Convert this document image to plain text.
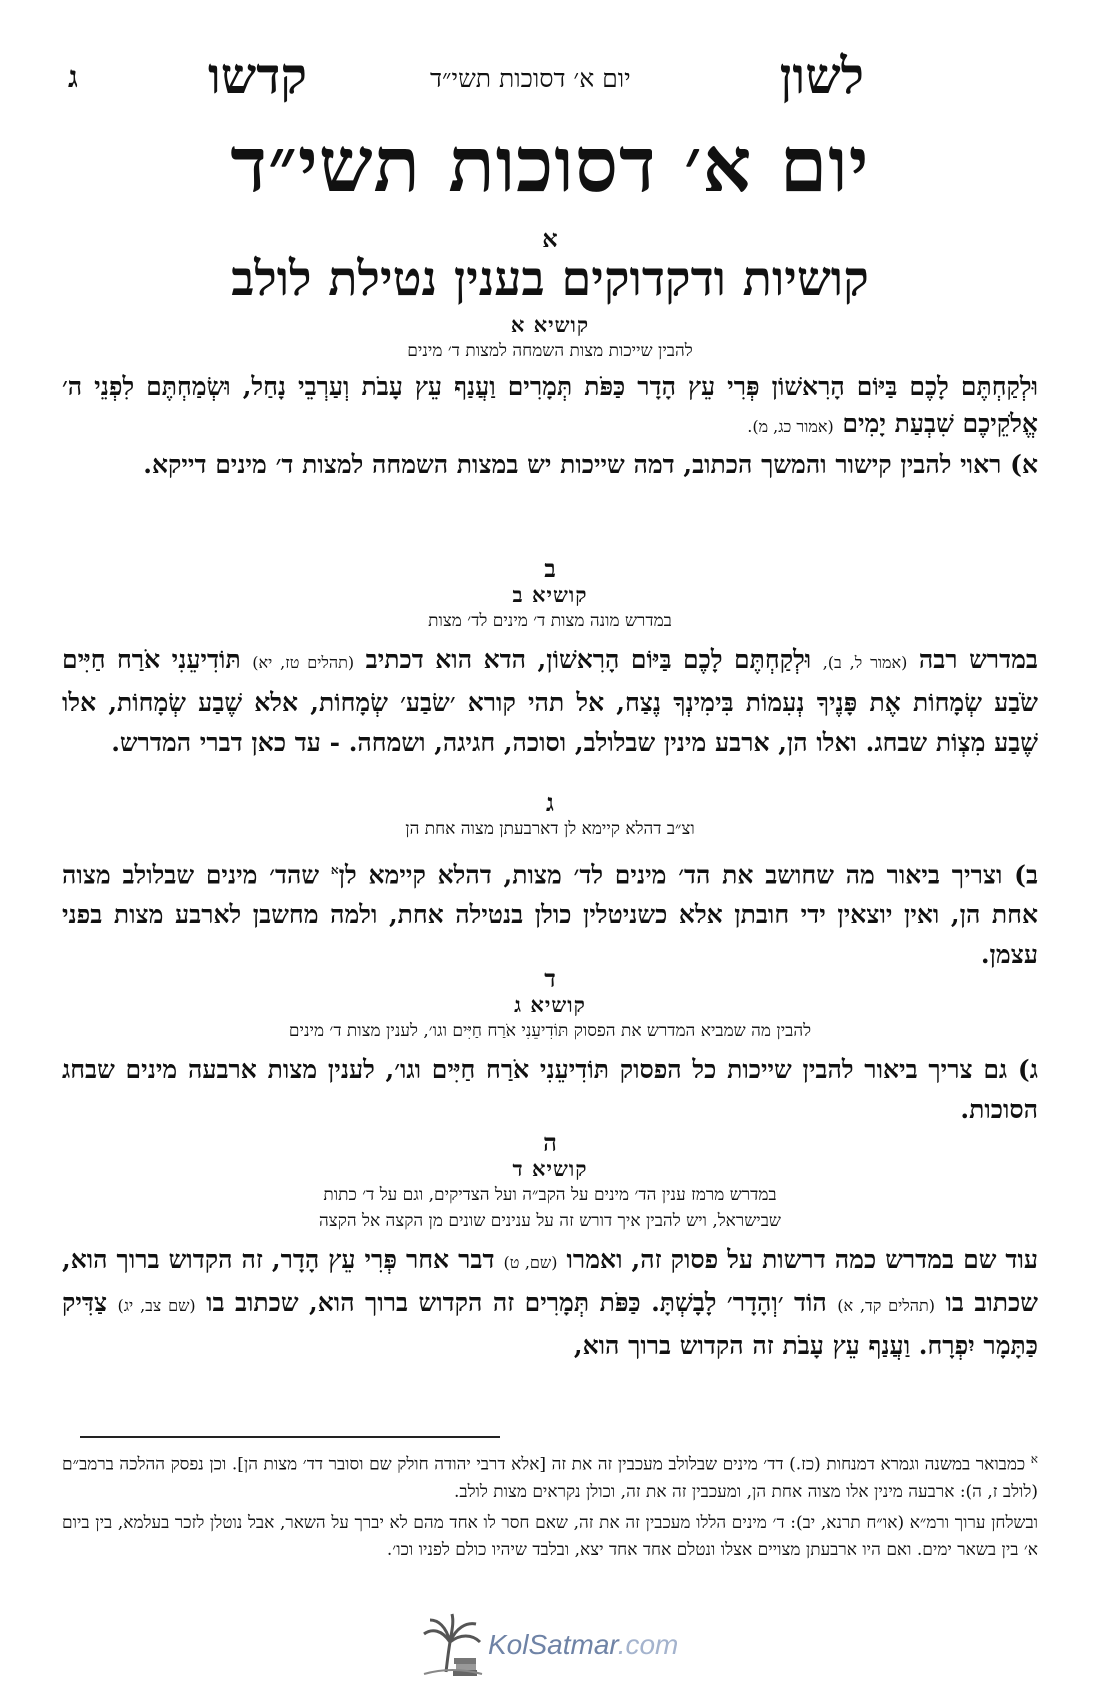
לשון
יום א׳ דסוכות תשי״ד
קדשו
ג
יום א׳ דסוכות תשי״ד
א
קושיות ודקדוקים בענין נטילת לולב
קושיא א
להבין שייכות מצות השמחה למצות ד׳ מינים
וּלְקַחְתֶּם לָכֶם בַּיּוֹם הָרִאשׁוֹן פְּרִי עֵץ הָדָר כַּפֹּת תְּמָרִים וַעֲנַף עֵץ עָבֹת וְעַרְבֵי נָחַל, וּשְׂמַחְתֶּם לִפְנֵי ה׳ אֱלֹקֵיכֶם שִׁבְעַת יָמִים (אמור כג, מ).
א) ראוי להבין קישור והמשך הכתוב, דמה שייכות יש במצות השמחה למצות ד׳ מינים דייקא.
ב
קושיא ב
במדרש מונה מצות ד׳ מינים לד׳ מצות
במדרש רבה (אמור ל, ב), וּלְקַחְתֶּם לָכֶם בַּיּוֹם הָרִאשׁוֹן, הדא הוא דכתיב (תהלים טז, יא) תּוֹדִיעֵנִי אֹרַח חַיִּים שֹׂבַע שְׂמָחוֹת אֶת פָּנֶיךָ נְעִמוֹת בִּימִינְךָ נֶצַח, אל תהי קורא ׳שׂבַע׳ שְׂמָחוֹת, אלא שֶׁבַע שְׂמָחוֹת, אלו שֶׁבַע מִצְוֹת שבחג. ואלו הן, ארבע מינין שבלולב, וסוכה, חגיגה, ושמחה. - עד כאן דברי המדרש.
ג
וצ״ב דהלא קיימא לן דארבעתן מצוה אחת הן
ב) וצריך ביאור מה שחושב את הד׳ מינים לד׳ מצות, דהלא קיימא לן$^א$ שהד׳ מינים שבלולב מצוה אחת הן, ואין יוצאין ידי חובתן אלא כשניטלין כולן בנטילה אחת, ולמה מחשבן לארבע מצות בפני עצמן.
ד
קושיא ג
להבין מה שמביא המדרש את הפסוק תּוֹדִיעֵנִי אֹרַח חַיִּים וגו׳, לענין מצות ד׳ מינים
ג) גם צריך ביאור להבין שייכות כל הפסוק תּוֹדִיעֵנִי אֹרַח חַיִּים וגו׳, לענין מצות ארבעה מינים שבחג הסוכות.
ה
קושיא ד
במדרש מרמז ענין הד׳ מינים על הקב״ה ועל הצדיקים, וגם על ד׳ כתות
שבישראל, ויש להבין איך דורש זה על ענינים שונים מן הקצה אל הקצה
עוד שם במדרש כמה דרשות על פסוק זה, ואמרו (שם, ט) דבר אחר פְּרִי עֵץ הָדָר, זה הקדוש ברוך הוא, שכתוב בו (תהלים קד, א) הוֹד ׳וְהָדָר׳ לָבָשְׁתָּ. כַּפֹּת תְּמָרִים זה הקדוש ברוך הוא, שכתוב בו (שם צב, יג) צַדִּיק כַּתָּמָר יִפְרָח. וַעֲנַף עֵץ עָבֹת זה הקדוש ברוך הוא,

$^א$ כמבואר במשנה וגמרא דמנחות (כז.) דד׳ מינים שבלולב מעכבין זה את זה [אלא דרבי יהודה חולק שם וסובר דד׳ מצות הן]. וכן נפסק ההלכה ברמב״ם (לולב ז, ה): ארבעה מינין אלו מצוה אחת הן, ומעכבין זה את זה, וכולן נקראים מצות לולב.

ובשלחן ערוך ורמ״א (או״ח תרנא, יב): ד׳ מינים הללו מעכבין זה את זה, שאם חסר לו אחד מהם לא יברך על השאר, אבל נוטלן לזכר בעלמא, בין ביום א׳ בין בשאר ימים. ואם היו ארבעתן מצויים אצלו ונטלם אחד אחד יצא, ובלבד שיהיו כולם לפניו וכו׳.

KolSatmar.com
